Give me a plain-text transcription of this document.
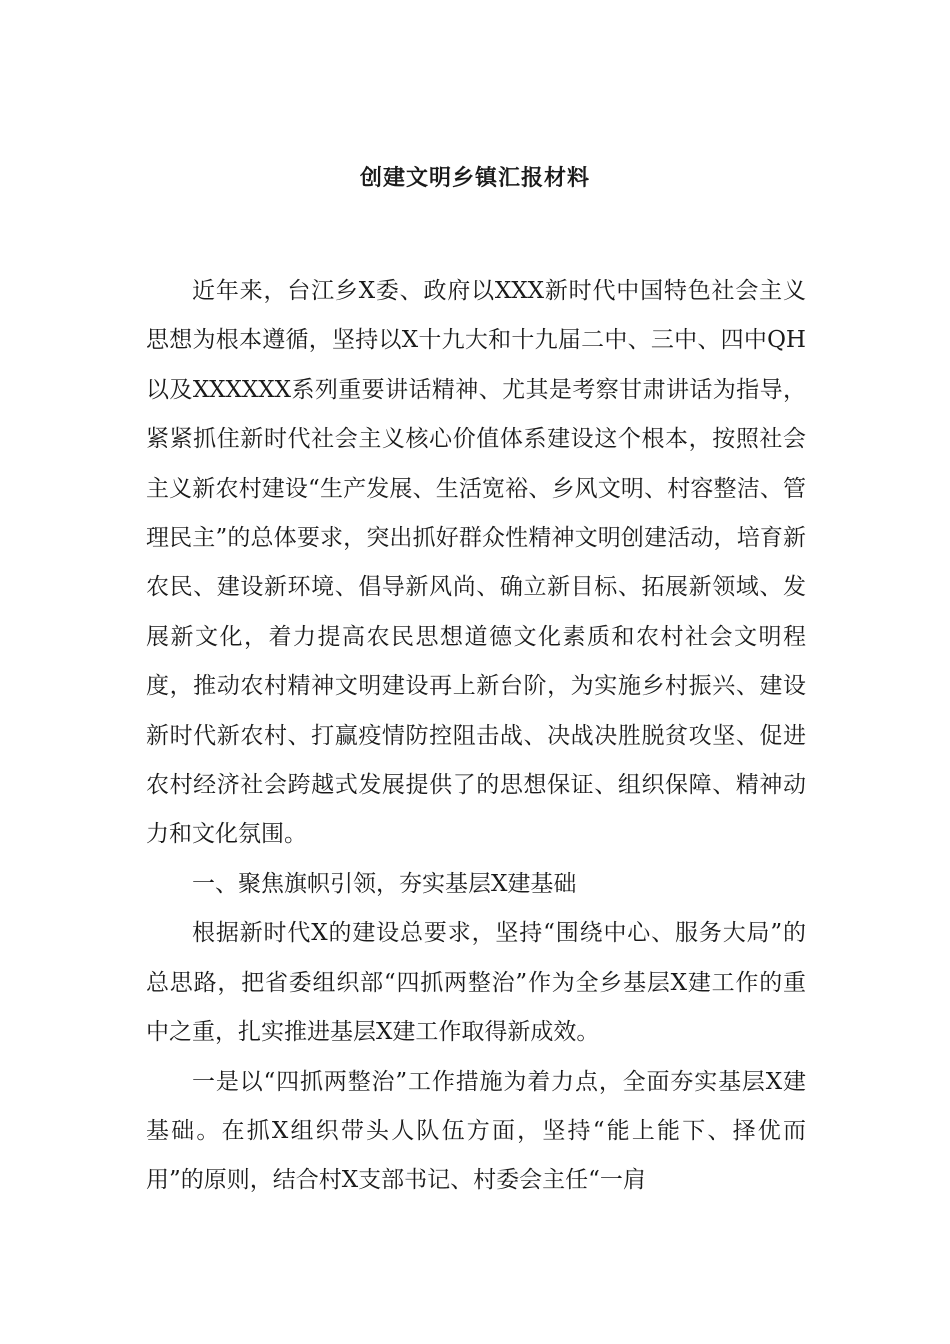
创建文明乡镇汇报材料

近年来，台江乡X委、政府以XXX新时代中国特色社会主义思想为根本遵循，坚持以X十九大和十九届二中、三中、四中QH以及XXXXXX系列重要讲话精神、尤其是考察甘肃讲话为指导，紧紧抓住新时代社会主义核心价值体系建设这个根本，按照社会主义新农村建设“生产发展、生活宽裕、乡风文明、村容整洁、管理民主”的总体要求，突出抓好群众性精神文明创建活动，培育新农民、建设新环境、倡导新风尚、确立新目标、拓展新领域、发展新文化，着力提高农民思想道德文化素质和农村社会文明程度，推动农村精神文明建设再上新台阶，为实施乡村振兴、建设新时代新农村、打赢疫情防控阻击战、决战决胜脱贫攻坚、促进农村经济社会跨越式发展提供了的思想保证、组织保障、精神动力和文化氛围。

一、聚焦旗帜引领，夯实基层X建基础

根据新时代X的建设总要求，坚持“围绕中心、服务大局”的总思路，把省委组织部“四抓两整治”作为全乡基层X建工作的重中之重，扎实推进基层X建工作取得新成效。

一是以“四抓两整治”工作措施为着力点，全面夯实基层X建基础。在抓X组织带头人队伍方面，坚持“能上能下、择优而用”的原则，结合村X支部书记、村委会主任“一肩
